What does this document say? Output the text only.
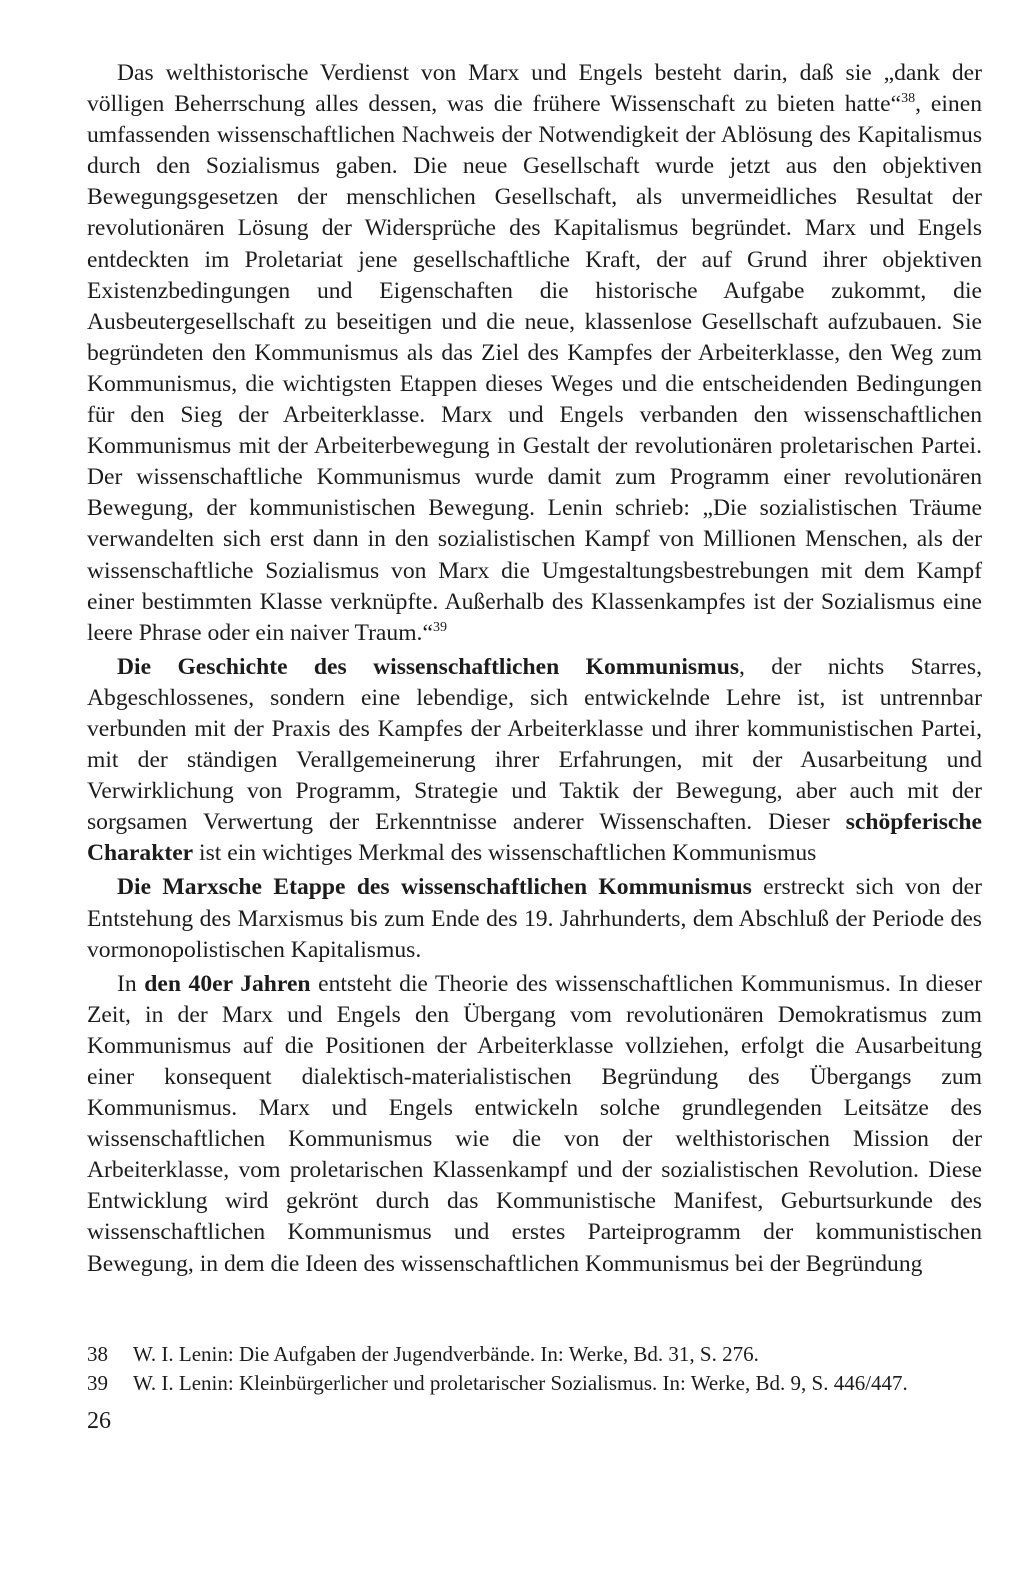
Das welthistorische Verdienst von Marx und Engels besteht darin, daß sie „dank der völligen Beherrschung alles dessen, was die frühere Wissenschaft zu bieten hatte“$^{38}$, einen umfassenden wissenschaftlichen Nachweis der Notwendigkeit der Ablösung des Kapitalismus durch den Sozialismus gaben. Die neue Gesellschaft wurde jetzt aus den objektiven Bewegungsgesetzen der menschlichen Gesellschaft, als unvermeidliches Resultat der revolutionären Lösung der Widersprüche des Kapitalismus begründet. Marx und Engels entdeckten im Proletariat jene gesellschaftliche Kraft, der auf Grund ihrer objektiven Existenzbedingungen und Eigenschaften die historische Aufgabe zukommt, die Ausbeutergesellschaft zu beseitigen und die neue, klassenlose Gesellschaft aufzubauen. Sie begründeten den Kommunismus als das Ziel des Kampfes der Arbeiterklasse, den Weg zum Kommunismus, die wichtigsten Etappen dieses Weges und die entscheidenden Bedingungen für den Sieg der Arbeiterklasse. Marx und Engels verbanden den wissenschaftlichen Kommunismus mit der Arbeiterbewegung in Gestalt der revolutionären proletarischen Partei. Der wissenschaftliche Kommunismus wurde damit zum Programm einer revolutionären Bewegung, der kommunistischen Bewegung. Lenin schrieb: „Die sozialistischen Träume verwandelten sich erst dann in den sozialistischen Kampf von Millionen Menschen, als der wissenschaftliche Sozialismus von Marx die Umgestaltungsbestrebungen mit dem Kampf einer bestimmten Klasse verknüpfte. Außerhalb des Klassenkampfes ist der Sozialismus eine leere Phrase oder ein naiver Traum.“$^{39}$

Die Geschichte des wissenschaftlichen Kommunismus, der nichts Starres, Abgeschlossenes, sondern eine lebendige, sich entwickelnde Lehre ist, ist untrennbar verbunden mit der Praxis des Kampfes der Arbeiterklasse und ihrer kommunistischen Partei, mit der ständigen Verallgemeinerung ihrer Erfahrungen, mit der Ausarbeitung und Verwirklichung von Programm, Strategie und Taktik der Bewegung, aber auch mit der sorgsamen Verwertung der Erkenntnisse anderer Wissenschaften. Dieser schöpferische Charakter ist ein wichtiges Merkmal des wissenschaftlichen Kommunismus

Die Marxsche Etappe des wissenschaftlichen Kommunismus erstreckt sich von der Entstehung des Marxismus bis zum Ende des 19. Jahrhunderts, dem Abschluß der Periode des vormonopolistischen Kapitalismus.

In den 40er Jahren entsteht die Theorie des wissenschaftlichen Kommunismus. In dieser Zeit, in der Marx und Engels den Übergang vom revolutionären Demokratismus zum Kommunismus auf die Positionen der Arbeiterklasse vollziehen, erfolgt die Ausarbeitung einer konsequent dialektisch-materialistischen Begründung des Übergangs zum Kommunismus. Marx und Engels entwickeln solche grundlegenden Leitsätze des wissenschaftlichen Kommunismus wie die von der welthistorischen Mission der Arbeiterklasse, vom proletarischen Klassenkampf und der sozialistischen Revolution. Diese Entwicklung wird gekrönt durch das Kommunistische Manifest, Geburtsurkunde des wissenschaftlichen Kommunismus und erstes Parteiprogramm der kommunistischen Bewegung, in dem die Ideen des wissenschaftlichen Kommunismus bei der Begründung

38	W. I. Lenin: Die Aufgaben der Jugendverbände. In: Werke, Bd. 31, S. 276.
39	W. I. Lenin: Kleinbürgerlicher und proletarischer Sozialismus. In: Werke, Bd. 9, S. 446/447.
26
